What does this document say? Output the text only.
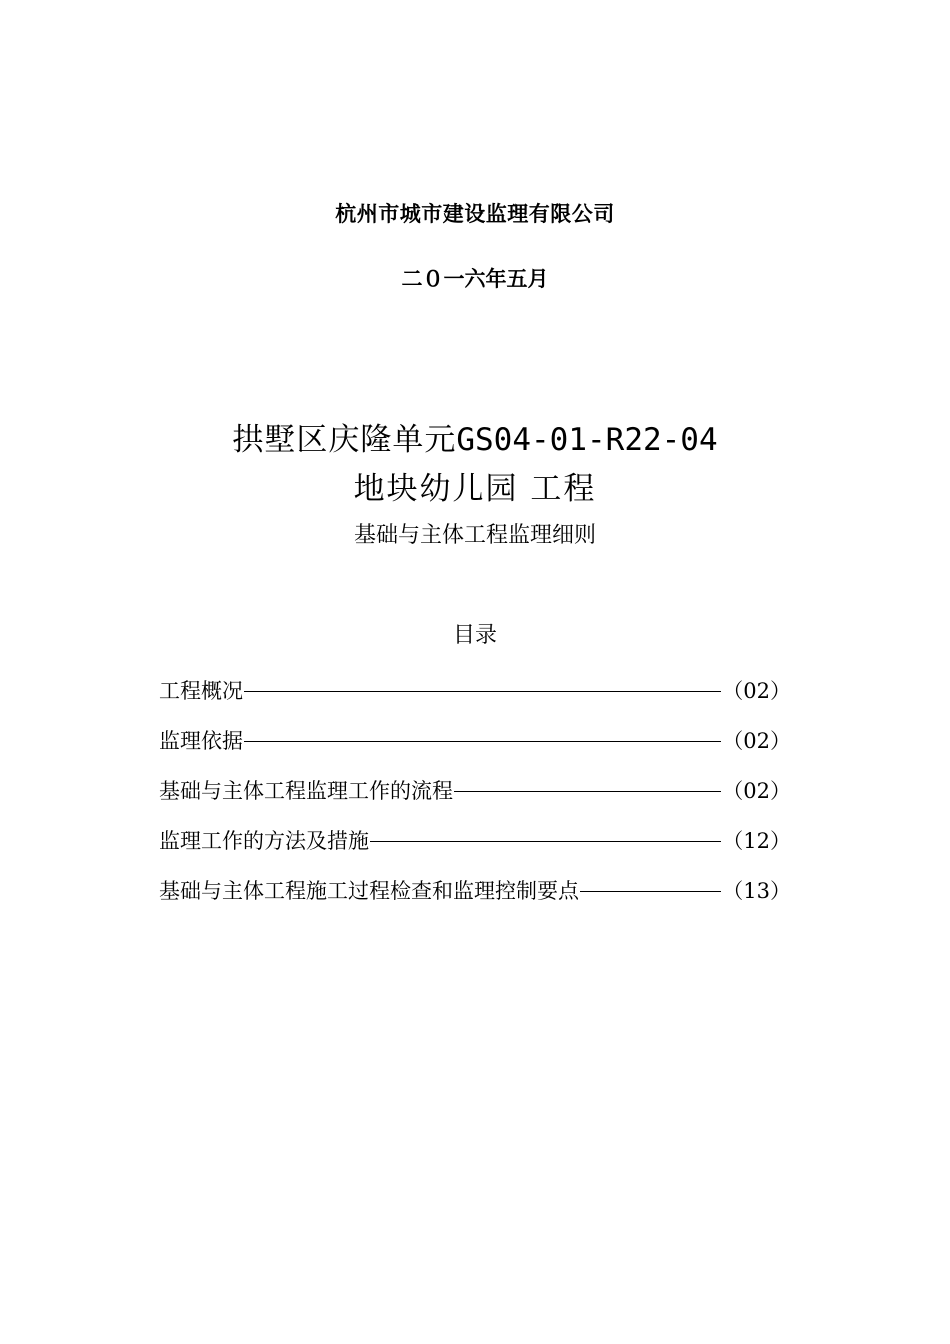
杭州市城市建设监理有限公司
二０一六年五月
拱墅区庆隆单元GS04-01-R22-04
地块幼儿园 工程
基础与主体工程监理细则
目录
工程概况	（02）
监理依据	（02）
基础与主体工程监理工作的流程	（02）
监理工作的方法及措施	（12）
基础与主体工程施工过程检查和监理控制要点	（13）
